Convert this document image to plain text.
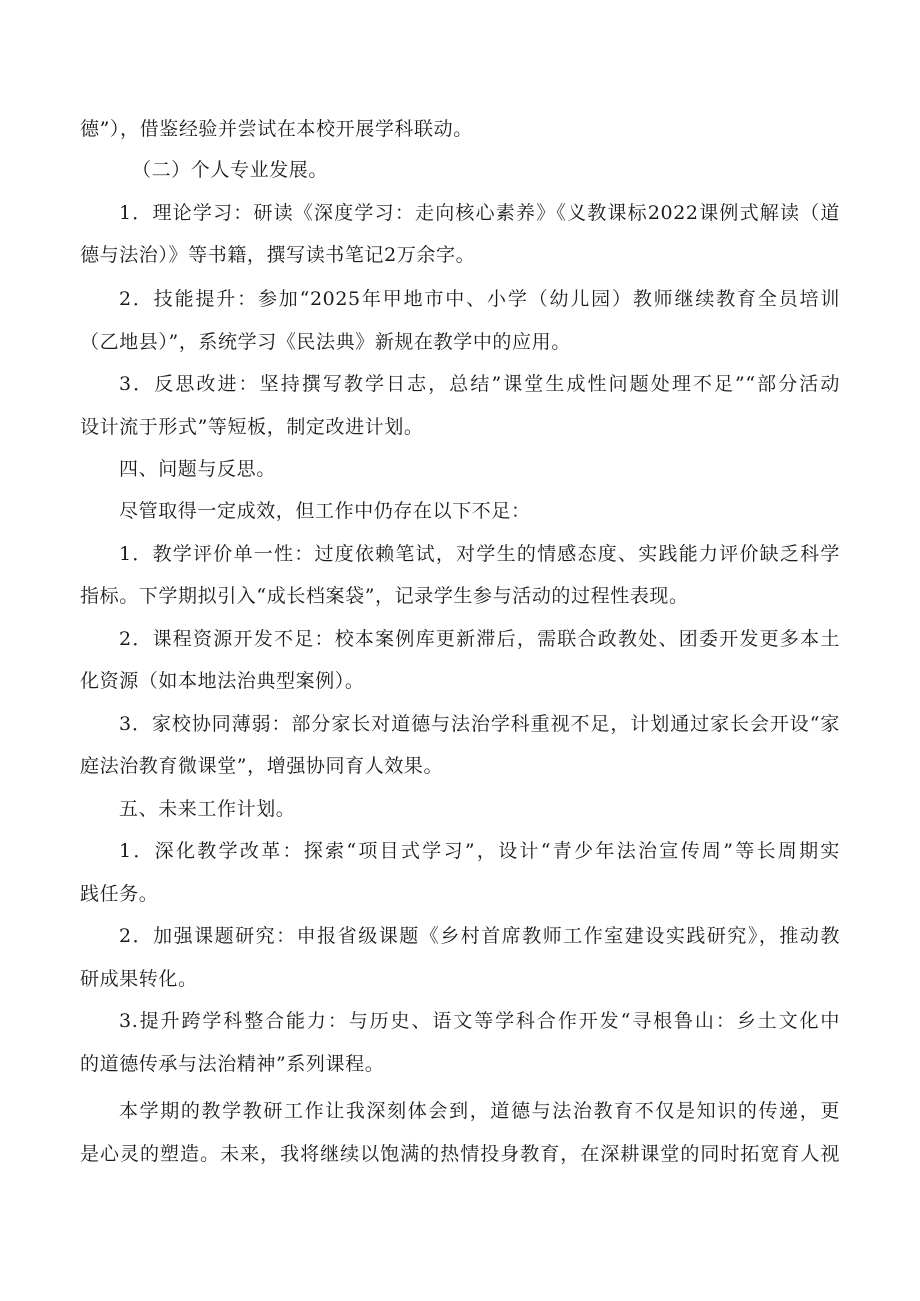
德”），借鉴经验并尝试在本校开展学科联动。
（二）个人专业发展。
1．理论学习：研读《深度学习：走向核心素养》《义教课标2022课例式解读（道
德与法治）》等书籍，撰写读书笔记2万余字。
2．技能提升：参加“2025年甲地市中、小学（幼儿园）教师继续教育全员培训
（乙地县）”，系统学习《民法典》新规在教学中的应用。
3．反思改进：坚持撰写教学日志，总结”课堂生成性问题处理不足”“部分活动
设计流于形式”等短板，制定改进计划。
四、问题与反思。
尽管取得一定成效，但工作中仍存在以下不足：
1．教学评价单一性：过度依赖笔试，对学生的情感态度、实践能力评价缺乏科学
指标。下学期拟引入“成长档案袋”，记录学生参与活动的过程性表现。
2．课程资源开发不足：校本案例库更新滞后，需联合政教处、团委开发更多本土
化资源（如本地法治典型案例）。
3．家校协同薄弱：部分家长对道德与法治学科重视不足，计划通过家长会开设“家
庭法治教育微课堂”，增强协同育人效果。
五、未来工作计划。
1．深化教学改革：探索“项目式学习”，设计“青少年法治宣传周”等长周期实
践任务。
2．加强课题研究：申报省级课题《乡村首席教师工作室建设实践研究》，推动教
研成果转化。
3.提升跨学科整合能力：与历史、语文等学科合作开发“寻根鲁山：乡土文化中
的道德传承与法治精神”系列课程。
本学期的教学教研工作让我深刻体会到，道德与法治教育不仅是知识的传递，更
是心灵的塑造。未来，我将继续以饱满的热情投身教育，在深耕课堂的同时拓宽育人视
